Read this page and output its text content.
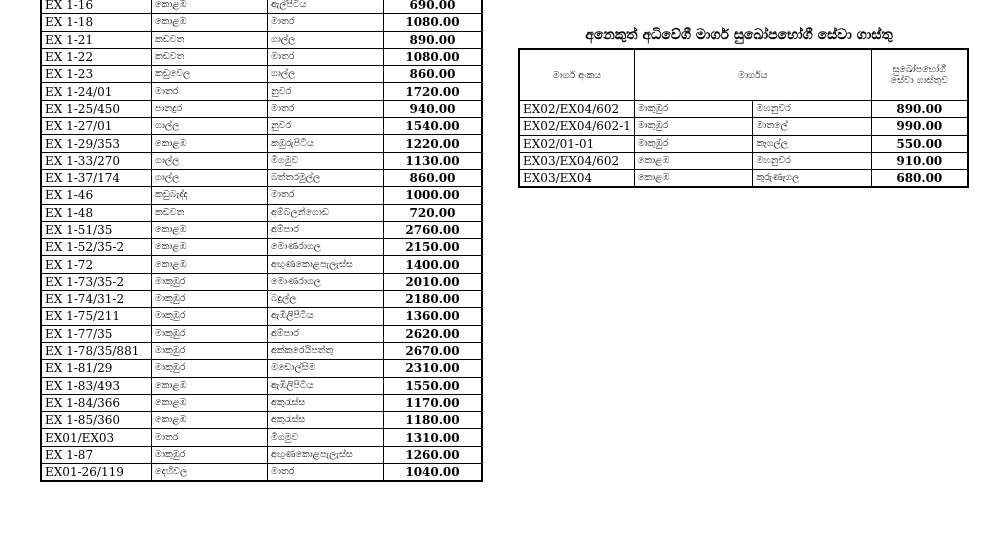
EX 1-16	කොළඹ	ඇල්පිටිය	690.00
EX 1-18	කොළඹ	මාතර	1080.00
EX 1-21	කඩවත	ගාල්ල	890.00
EX 1-22	කඩවත	මාතර	1080.00
EX 1-23	කඩුවෙල	ගාල්ල	860.00
EX 1-24/01	මාතර	නුවර	1720.00
EX 1-25/450	පානදුර	මාතර	940.00
EX 1-27/01	ගාල්ල	නුවර	1540.00
EX 1-29/353	කොළඹ	කඹුරුපිටිය	1220.00
EX 1-33/270	ගාල්ල	මීගමුව	1130.00
EX 1-37/174	ගාල්ල	බත්තරමුල්ල	860.00
EX 1-46	කඩුබැද්ද	මාතර	1000.00
EX 1-48	කඩවත	අම්බලන්ගොඩ	720.00
EX 1-51/35	කොළඹ	අම්පාර	2760.00
EX 1-52/35-2	කොළඹ	මොණරාගල	2150.00
EX 1-72	කොළඹ	අඟුණකොළපැලැස්ස	1400.00
EX 1-73/35-2	මාකුඹුර	මොණරාගල	2010.00
EX 1-74/31-2	මාකුඹුර	බදුල්ල	2180.00
EX 1-75/211	මාකුඹුර	ඇඹිලිපිටිය	1360.00
EX 1-77/35	මාකුඹුර	අම්පාර	2620.00
EX 1-78/35/881	මාකුඹුර	අක්කරෙයිපත්තු	2670.00
EX 1-81/29	මාකුඹුර	මඩොල්සිම	2310.00
EX 1-83/493	කොළඹ	ඇඹිලිපිටිය	1550.00
EX 1-84/366	කොළඹ	අකුරැස්ස	1170.00
EX 1-85/360	කොළඹ	අකුරැස්ස	1180.00
EX01/EX03	මාතර	මීගමුව	1310.00
EX 1-87	මාකුඹුර	අඟුණකොළපැලැස්ස	1260.00
EX01-26/119	දෙහිවල	මාතර	1040.00
අනෙකුත් අධිවේගී මාර්ග සුඛෝපභෝගී සේවා ගාස්තු
මාර්ග අංකය	මාර්ගය		සුඛෝපභෝගී
සේවා ගාස්තුව
EX02/EX04/602	මාකුඹුර	මහනුවර	890.00
EX02/EX04/602-1	මාකුඹුර	මාතලේ	990.00
EX02/01-01	මාකුඹුර	කෑගල්ල	550.00
EX03/EX04/602	කොළඹ	මහනුවර	910.00
EX03/EX04	කොළඹ	කුරුණෑගල	680.00
